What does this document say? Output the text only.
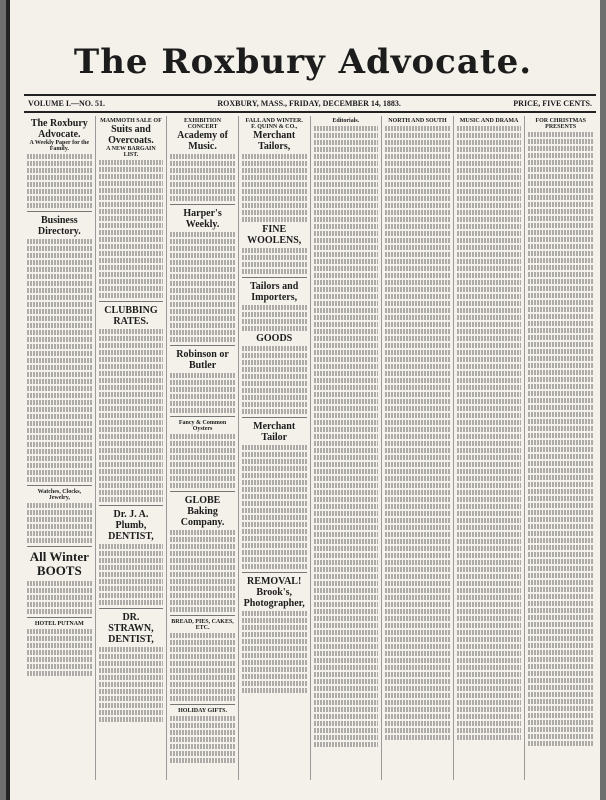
The Roxbury Advocate.
VOLUME I.—NO. 51.	ROXBURY, MASS., FRIDAY, DECEMBER 14, 1883.	PRICE, FIVE CENTS.
The Roxbury Advocate.
A Weekly Paper for the Family.
Business Directory.
Watches, Clocks, Jewelry,
All Winter BOOTS
HOTEL PUTNAM
MAMMOTH SALE OF
Suits and Overcoats.
A NEW BARGAIN LIST.
CLUBBING RATES.
Dr. J. A. Plumb, DENTIST,
DR. STRAWN, DENTIST,
EXHIBITION CONCERT
Academy of Music.
Harper's Weekly.
Robinson or Butler
Fancy & Common Oysters
GLOBE Baking Company.
BREAD, PIES, CAKES, ETC.
HOLIDAY GIFTS.
FALL AND WINTER.
F. QUINN & CO.,
Merchant Tailors,
FINE WOOLENS,
Tailors and Importers,
GOODS
Merchant Tailor
REMOVAL!
Brook's, Photographer,
Editorials.	NORTH AND SOUTH	MUSIC AND DRAMA	FOR CHRISTMAS PRESENTS
